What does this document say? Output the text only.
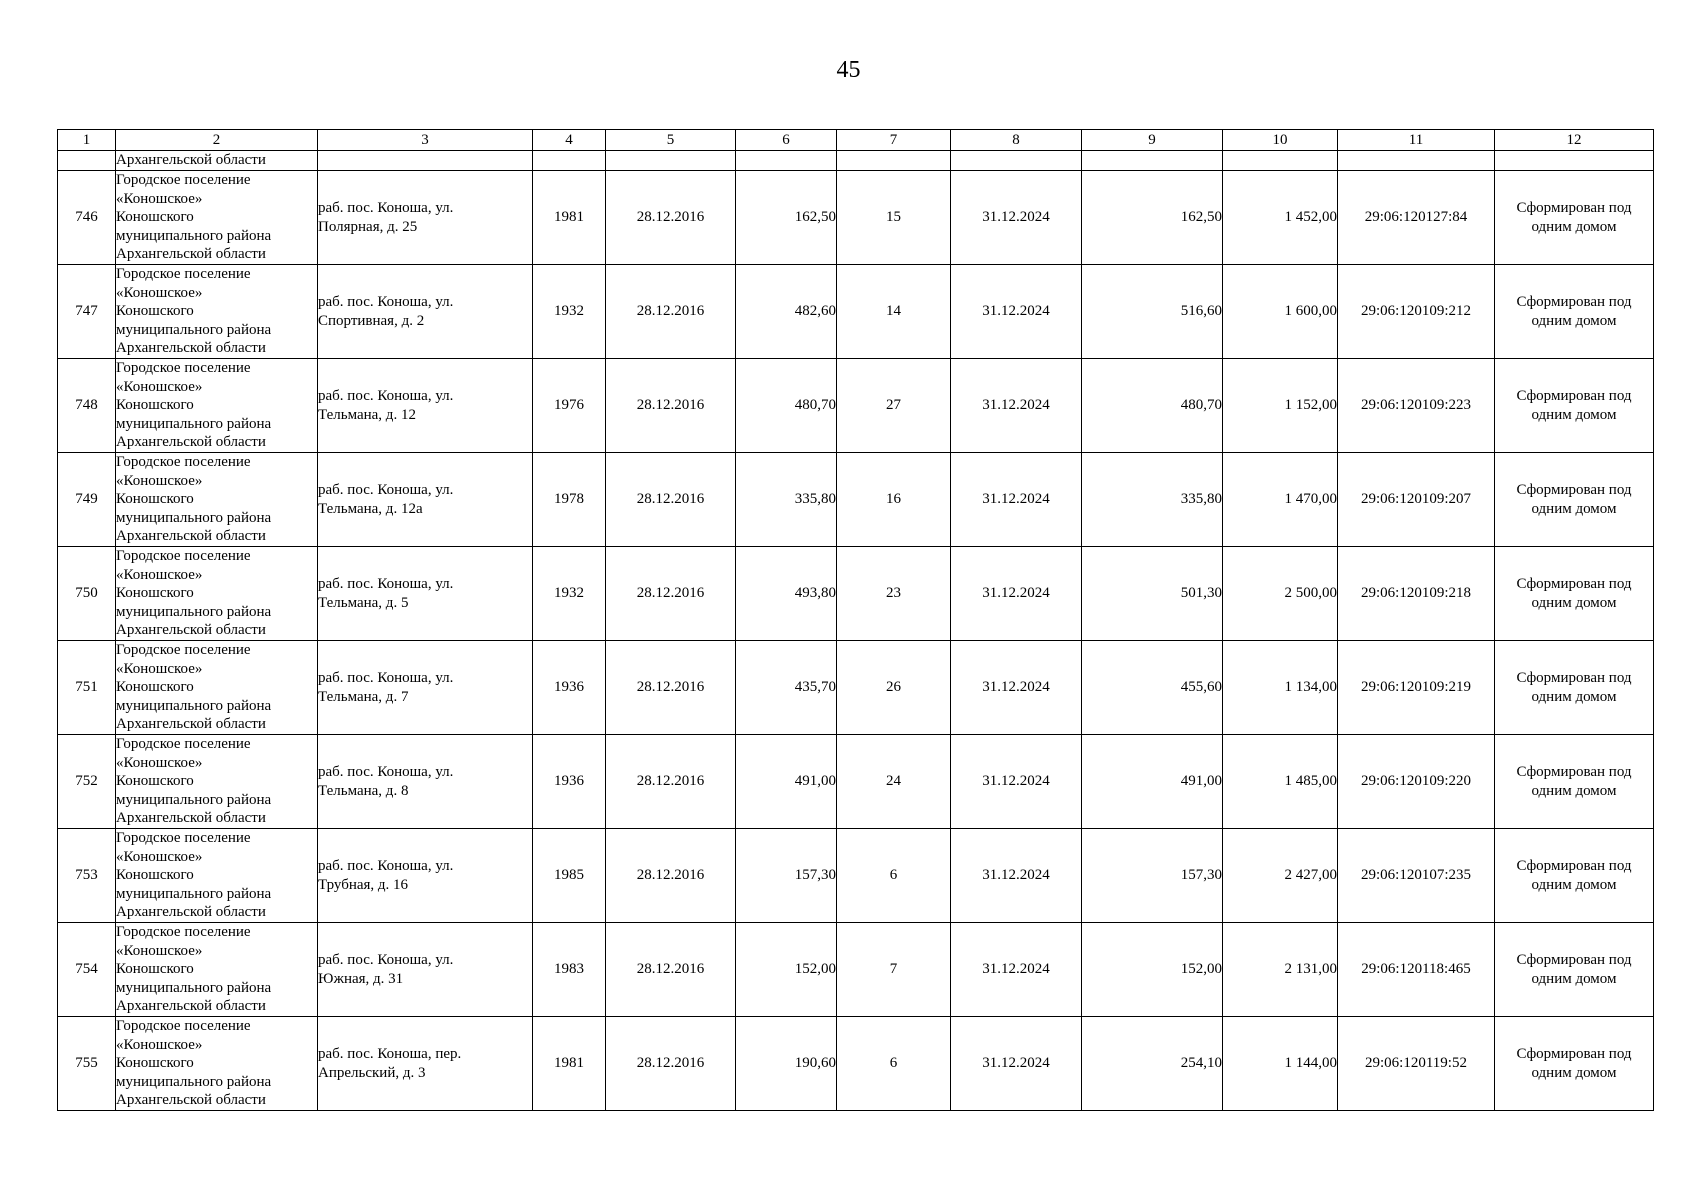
45
1	2	3	4	5	6	7	8	9	10	11	12
	Архангельской области										
746	Городское поселение
«Коношское»
Коношского
муниципального района
Архангельской области	раб. пос. Коноша, ул.
Полярная, д. 25	1981	28.12.2016	162,50	15	31.12.2024	162,50	1 452,00	29:06:120127:84	Сформирован под
одним домом

747	Городское поселение
«Коношское»
Коношского
муниципального района
Архангельской области	раб. пос. Коноша, ул.
Спортивная, д. 2	1932	28.12.2016	482,60	14	31.12.2024	516,60	1 600,00	29:06:120109:212	Сформирован под
одним домом

748	Городское поселение
«Коношское»
Коношского
муниципального района
Архангельской области	раб. пос. Коноша, ул.
Тельмана, д. 12	1976	28.12.2016	480,70	27	31.12.2024	480,70	1 152,00	29:06:120109:223	Сформирован под
одним домом

749	Городское поселение
«Коношское»
Коношского
муниципального района
Архангельской области	раб. пос. Коноша, ул.
Тельмана, д. 12а	1978	28.12.2016	335,80	16	31.12.2024	335,80	1 470,00	29:06:120109:207	Сформирован под
одним домом

750	Городское поселение
«Коношское»
Коношского
муниципального района
Архангельской области	раб. пос. Коноша, ул.
Тельмана, д. 5	1932	28.12.2016	493,80	23	31.12.2024	501,30	2 500,00	29:06:120109:218	Сформирован под
одним домом

751	Городское поселение
«Коношское»
Коношского
муниципального района
Архангельской области	раб. пос. Коноша, ул.
Тельмана, д. 7	1936	28.12.2016	435,70	26	31.12.2024	455,60	1 134,00	29:06:120109:219	Сформирован под
одним домом

752	Городское поселение
«Коношское»
Коношского
муниципального района
Архангельской области	раб. пос. Коноша, ул.
Тельмана, д. 8	1936	28.12.2016	491,00	24	31.12.2024	491,00	1 485,00	29:06:120109:220	Сформирован под
одним домом

753	Городское поселение
«Коношское»
Коношского
муниципального района
Архангельской области	раб. пос. Коноша, ул.
Трубная, д. 16	1985	28.12.2016	157,30	6	31.12.2024	157,30	2 427,00	29:06:120107:235	Сформирован под
одним домом

754	Городское поселение
«Коношское»
Коношского
муниципального района
Архангельской области	раб. пос. Коноша, ул.
Южная, д. 31	1983	28.12.2016	152,00	7	31.12.2024	152,00	2 131,00	29:06:120118:465	Сформирован под
одним домом

755	Городское поселение
«Коношское»
Коношского
муниципального района
Архангельской области	раб. пос. Коноша, пер.
Апрельский, д. 3	1981	28.12.2016	190,60	6	31.12.2024	254,10	1 144,00	29:06:120119:52	Сформирован под
одним домом
